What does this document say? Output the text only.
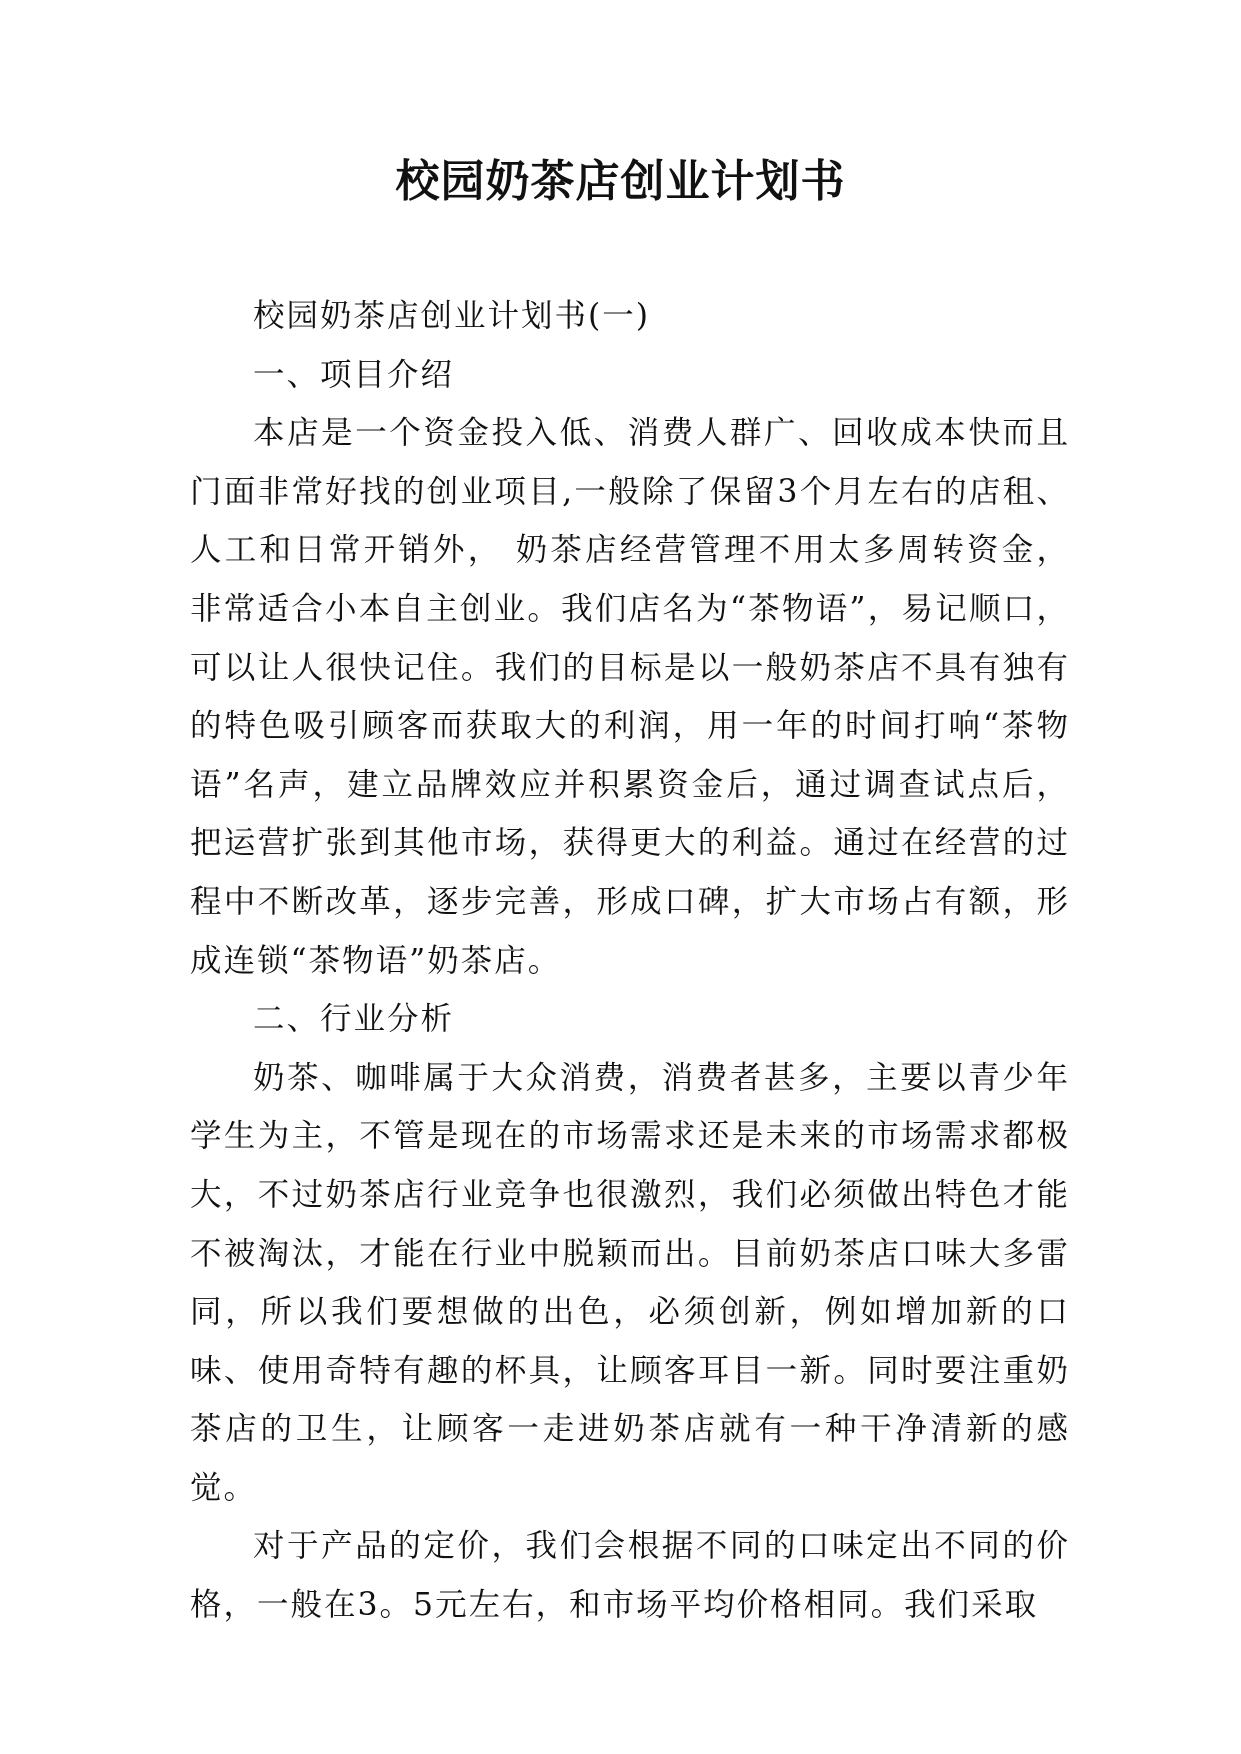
校园奶茶店创业计划书

校园奶茶店创业计划书(一)

一、项目介绍

本店是一个资金投入低、消费人群广、回收成本快而且门面非常好找的创业项目,一般除了保留3个月左右的店租、人工和日常开销外， 奶茶店经营管理不用太多周转资金，非常适合小本自主创业。我们店名为“茶物语”，易记顺口，可以让人很快记住。我们的目标是以一般奶茶店不具有独有的特色吸引顾客而获取大的利润，用一年的时间打响“茶物语”名声，建立品牌效应并积累资金后，通过调查试点后，把运营扩张到其他市场，获得更大的利益。通过在经营的过程中不断改革，逐步完善，形成口碑，扩大市场占有额，形成连锁“茶物语”奶茶店。

二、行业分析

奶茶、咖啡属于大众消费，消费者甚多，主要以青少年学生为主，不管是现在的市场需求还是未来的市场需求都极大，不过奶茶店行业竞争也很激烈，我们必须做出特色才能不被淘汰，才能在行业中脱颖而出。目前奶茶店口味大多雷同，所以我们要想做的出色，必须创新，例如增加新的口味、使用奇特有趣的杯具，让顾客耳目一新。同时要注重奶茶店的卫生，让顾客一走进奶茶店就有一种干净清新的感觉。

对于产品的定价，我们会根据不同的口味定出不同的价格，一般在3。5元左右，和市场平均价格相同。我们采取
